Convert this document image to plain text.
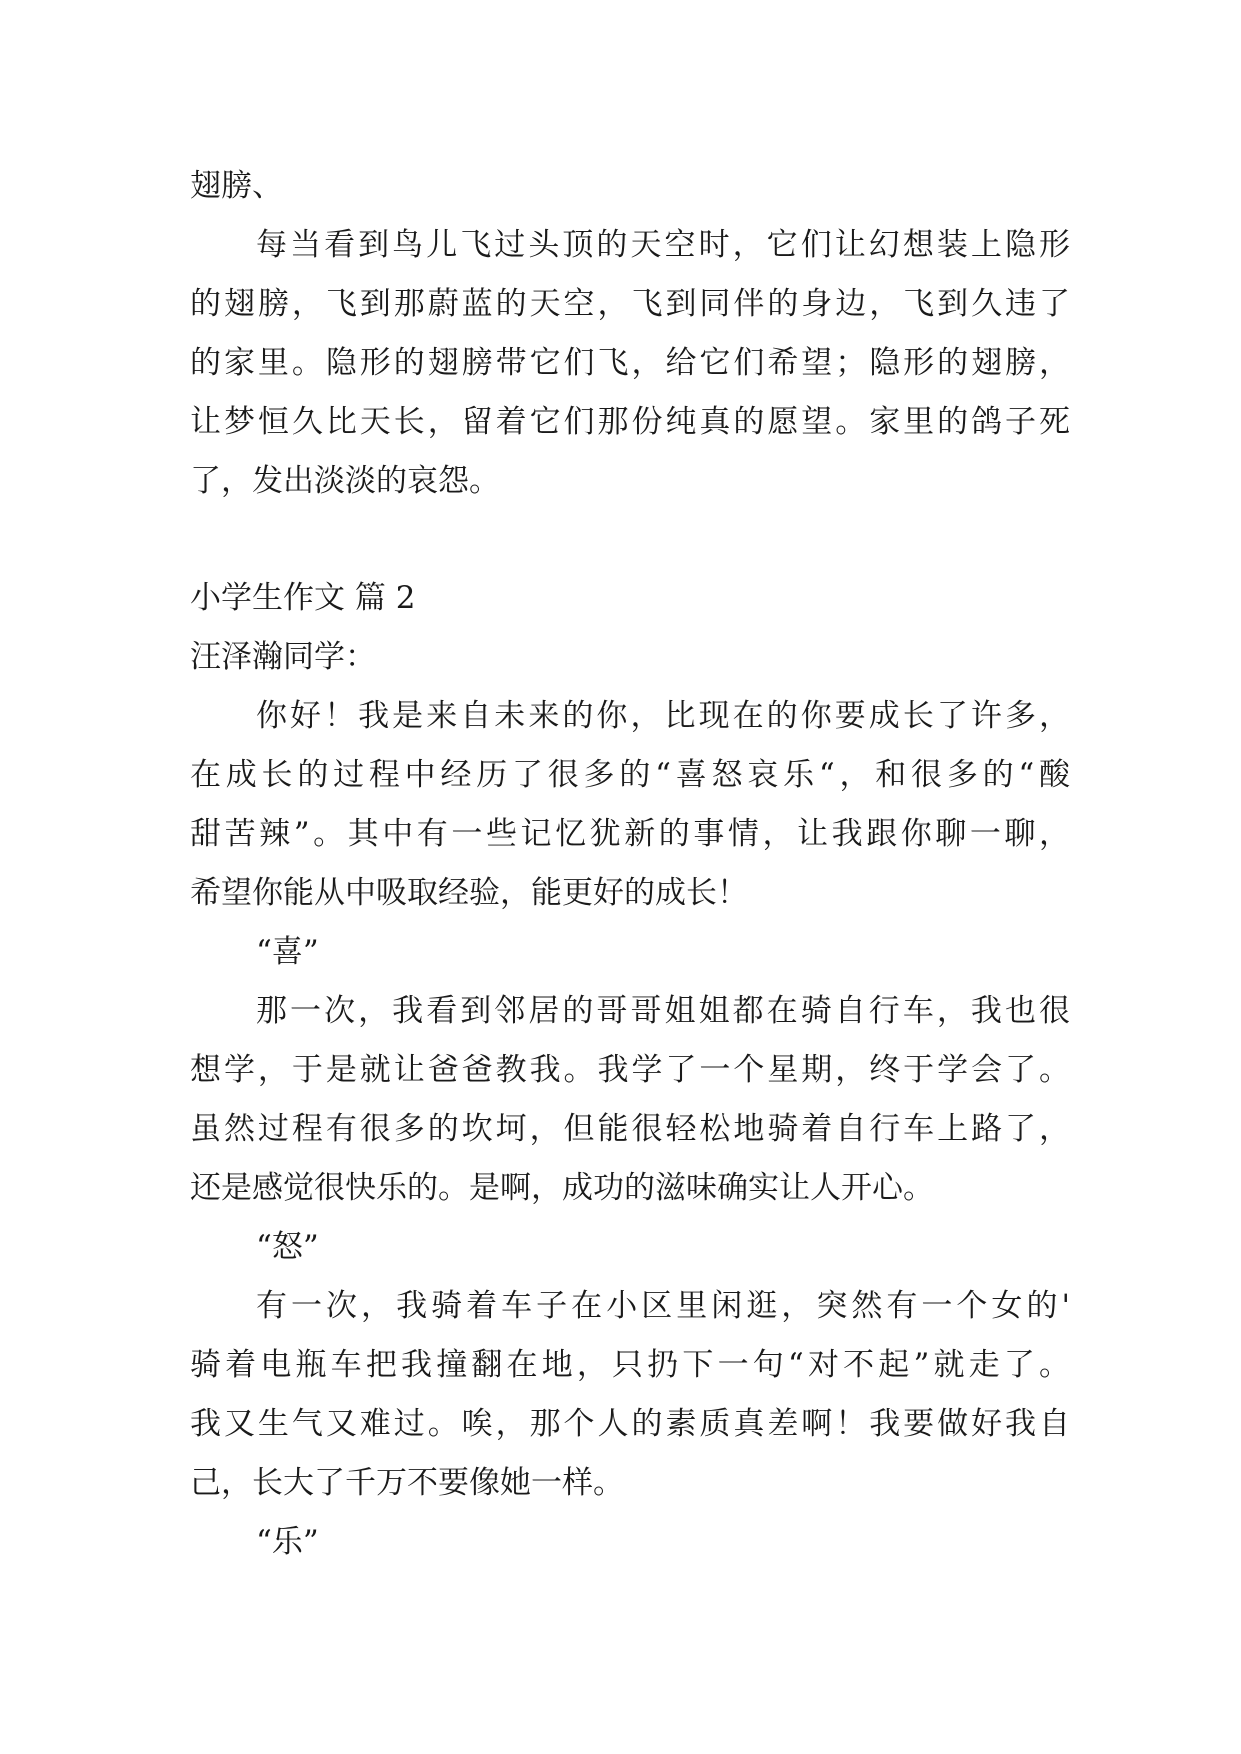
翅膀、
每当看到鸟儿飞过头顶的天空时，它们让幻想装上隐形
的翅膀，飞到那蔚蓝的天空，飞到同伴的身边，飞到久违了
的家里。隐形的翅膀带它们飞，给它们希望；隐形的翅膀，
让梦恒久比天长，留着它们那份纯真的愿望。家里的鸽子死
了，发出淡淡的哀怨。
小学生作文 篇 2
汪泽瀚同学：
你好！我是来自未来的你，比现在的你要成长了许多，
在成长的过程中经历了很多的“喜怒哀乐“，和很多的“酸
甜苦辣”。其中有一些记忆犹新的事情，让我跟你聊一聊，
希望你能从中吸取经验，能更好的成长！
“喜”
那一次，我看到邻居的哥哥姐姐都在骑自行车，我也很
想学，于是就让爸爸教我。我学了一个星期，终于学会了。
虽然过程有很多的坎坷，但能很轻松地骑着自行车上路了，
还是感觉很快乐的。是啊，成功的滋味确实让人开心。
“怒”
有一次，我骑着车子在小区里闲逛，突然有一个女的'
骑着电瓶车把我撞翻在地，只扔下一句“对不起”就走了。
我又生气又难过。唉，那个人的素质真差啊！我要做好我自
己，长大了千万不要像她一样。
“乐”
